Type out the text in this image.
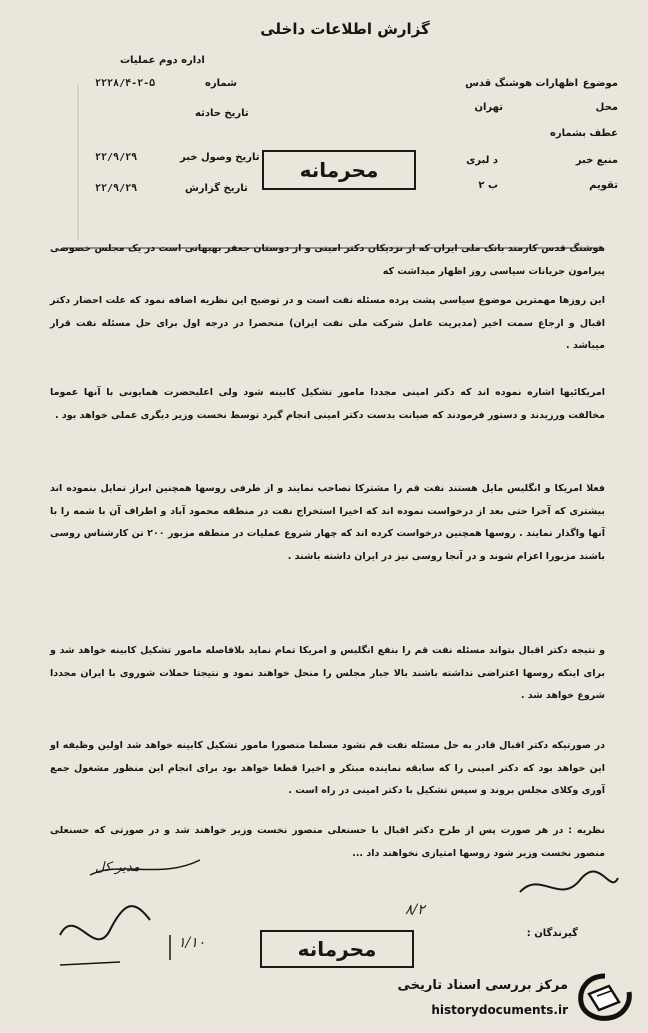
گزارش اطلاعات داخلی
اداره دوم عملیات
شماره
۲۲۲۸/۴-۲-۵
تاریخ حادثه
تاریخ وصول خبر
۲۲/۹/۲۹
تاریخ گزارش
۲۲/۹/۲۹
موضوع
اظهارات هوشنگ قدس
محل
تهران
عطف بشماره
منبع خبر
د لبری
تقویم
ب ۲
محرمانه
هوشنگ قدس کارمند بانک ملی ایران که از نزدیکان دکتر امینی و از دوستان جعفر بهبهانی است در یک مجلس خصوصی پیرامون جریانات سیاسی روز اظهار میداشت که
این روزها مهمترین موضوع سیاسی پشت پرده مسئله نفت است و در توضیح این نظریه اضافه نمود که علت احضار دکتر اقبال و ارجاع سمت اخیر (مدیریت عامل شرکت ملی نفت ایران) منحصرا در درجه اول برای حل مسئله نفت قرار میباشد .
امریکائیها اشاره نموده اند که دکتر امینی مجددا مامور تشکیل کابینه شود ولی اعلیحضرت همایونی با آنها عموما مخالفت ورزیدند و دستور فرمودند که صیانت بدست دکتر امینی انجام گیرد توسط نخست وزیر دیگری عملی خواهد بود .
فعلا امریکا و انگلیس مایل هستند نفت قم را مشترکا تصاحب نمایند و از طرفی روسها همچنین ابراز تمایل بنموده اند بیشتری که آخرا حتی بعد از درخواست نموده اند که اخیرا استخراج نفت در منطقه محمود آباد و اطراف آن با شمه را با آنها واگذار نمایند . روسها همچنین درخواست کرده اند که چهار شروع عملیات در منطقه مزبور ۲۰۰ تن کارشناس روسی باشند مزبورا اعزام شوند و در آنجا روسی نیز در ایران داشته باشند .
و نتیجه دکتر اقبال بتواند مسئله نفت قم را بنفع انگلیس و امریکا تمام نماید بلافاصله مامور تشکیل کابینه خواهد شد و برای اینکه روسها اعتراضی نداشته باشند بالا جبار مجلس را منحل خواهند نمود و نتیجتا حملات شوروی با ایران مجددا شروع خواهد شد .
در صورتیکه دکتر اقبال قادر به حل مسئله نفت قم نشود مسلما منصورا مامور تشکیل کابینه خواهد شد اولین وظیفه او این خواهد بود که دکتر امینی را که سابقه نماینده مبتکر و اخیرا قطعا خواهد بود برای انجام این منظور مشغول جمع آوری وکلای مجلس بروند و سپس تشکیل با دکتر امینی در راه است .
نظریه : در هر صورت پس از طرح دکتر اقبال با حسنعلی منصور نخست وزیر خواهند شد و در صورتی که حسنعلی منصور نخست وزیر شود روسها امتیازی نخواهند داد ...
مدیر کل
۸/۲
۱/۱۰
گیرندگان :
محرمانه
مرکز بررسی اسناد تاریخی
historydocuments.ir
